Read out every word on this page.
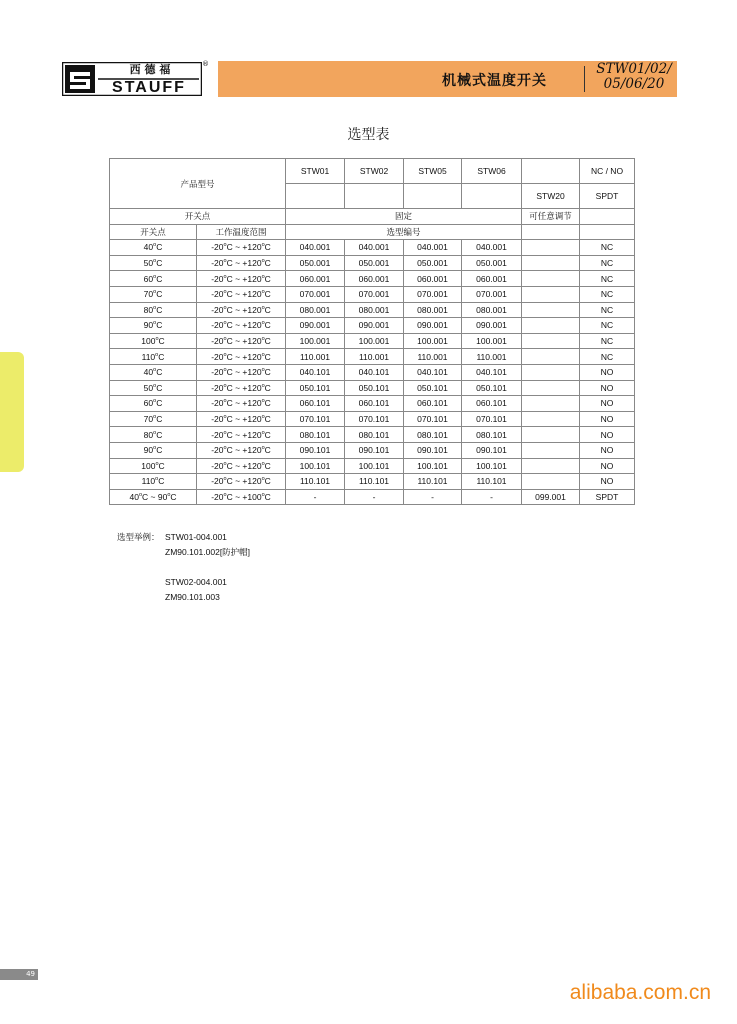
西 德 福
STAUFF
®
机械式温度开关
STW01/02/
05/06/20
选型表
产品型号		STW01	STW02	STW05	STW06		NC / NO
						STW20	SPDT
开关点		固定				可任意调节	
开关点	工作温度范围	选型编号					
40$^o$C	-20$^o$C ~ $+120^oC$	040.001	040.001	040.001	040.001		NC
50$^o$C	-20$^o$C ~ $+120^oC$	050.001	050.001	050.001	050.001		NC
60$^o$C	-20$^o$C ~ $+120^oC$	060.001	060.001	060.001	060.001		NC
70$^o$C	-20$^o$C ~ $+120^oC$	070.001	070.001	070.001	070.001		NC
80$^o$C	-20$^o$C ~ $+120^oC$	080.001	080.001	080.001	080.001		NC
90$^o$C	-20$^o$C ~ $+120^oC$	090.001	090.001	090.001	090.001		NC
100$^o$C	-20$^o$C ~ $+120^oC$	100.001	100.001	100.001	100.001		NC
110$^o$C	-20$^o$C ~ $+120^oC$	110.001	110.001	110.001	110.001		NC
40$^o$C	-20$^o$C ~ $+120^oC$	040.101	040.101	040.101	040.101		NO
50$^o$C	-20$^o$C ~ $+120^oC$	050.101	050.101	050.101	050.101		NO
60$^o$C	-20$^o$C ~ $+120^oC$	060.101	060.101	060.101	060.101		NO
70$^o$C	-20$^o$C ~ $+120^oC$	070.101	070.101	070.101	070.101		NO
80$^o$C	-20$^o$C ~ $+120^oC$	080.101	080.101	080.101	080.101		NO
90$^o$C	-20$^o$C ~ $+120^oC$	090.101	090.101	090.101	090.101		NO
100$^o$C	-20$^o$C ~ $+120^oC$	100.101	100.101	100.101	100.101		NO
110$^o$C	-20$^o$C ~ $+120^oC$	110.101	110.101	110.101	110.101		NO
40$^o$C ~ 90$^o$C	-20$^o$C ~ $+100^oC$	-	-	-	-	099.001	SPDT
选型举例： STW01-004.001
ZM90.101.002[防护帽]
STW02-004.001
ZM90.101.003
49
alibaba.com.cn
